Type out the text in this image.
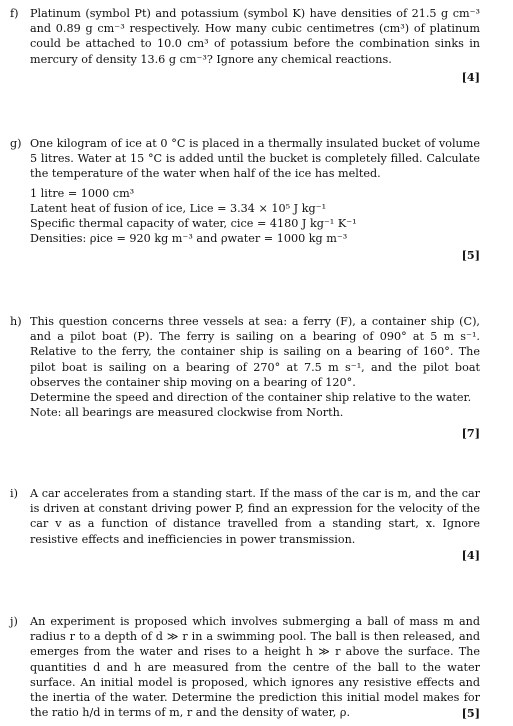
f)	Platinum (symbol Pt) and potassium (symbol K) have densities of 21.5 g cm⁻³ and 0.89 g cm⁻³ respectively. How many cubic centimetres (cm³) of platinum could be attached to 10.0 cm³ of potassium before the combination sinks in mercury of density 13.6 g cm⁻³? Ignore any chemical reactions.

[4]
g) One kilogram of ice at 0 °C is placed in a thermally insulated bucket of volume 5 litres. Water at 15 °C is added until the bucket is completely filled. Calculate the temperature of the water when half of the ice has melted.

1 litre = 1000 cm³

Latent heat of fusion of ice, Lice = 3.34 × 10⁵ J kg⁻¹

Specific thermal capacity of water, cice = 4180 J kg⁻¹ K⁻¹

Densities: ρice = 920 kg m⁻³ and ρwater = 1000 kg m⁻³

[5]
h) This question concerns three vessels at sea: a ferry (F), a container ship (C), and a pilot boat (P). The ferry is sailing on a bearing of 090° at 5 m s⁻¹. Relative to the ferry, the container ship is sailing on a bearing of 160°. The pilot boat is sailing on a bearing of 270° at 7.5 m s⁻¹, and the pilot boat observes the container ship moving on a bearing of 120°.

Determine the speed and direction of the container ship relative to the water.

Note: all bearings are measured clockwise from North.

[7]
i)	A car accelerates from a standing start. If the mass of the car is m, and the car is driven at constant driving power P, find an expression for the velocity of the car v as a function of distance travelled from a standing start, x. Ignore resistive effects and inefficiencies in power transmission.

[4]
j)	An experiment is proposed which involves submerging a ball of mass m and radius r to a depth of d ≫ r in a swimming pool. The ball is then released, and emerges from the water and rises to a height h ≫ r above the surface. The quantities d and h are measured from the centre of the ball to the water surface. An initial model is proposed, which ignores any resistive effects and the inertia of the water. Determine the prediction this initial model makes for the ratio h/d in terms of m, r and the density of water, ρ.	[5]
